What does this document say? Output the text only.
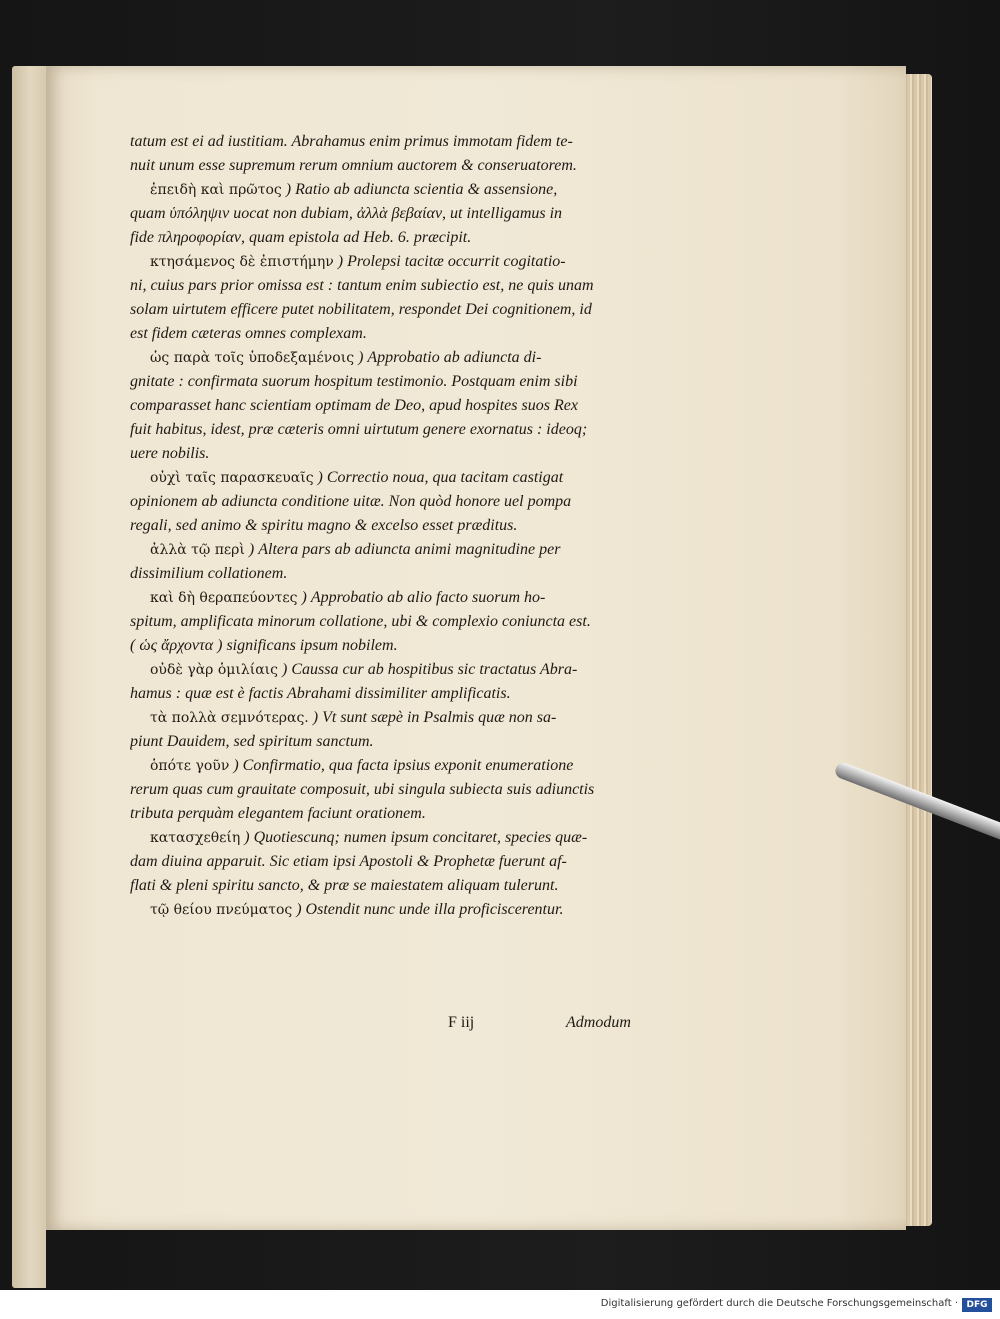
tatum est ei ad iustitiam. Abrahamus enim primus immotam fidem te-
nuit unum esse supremum rerum omnium auctorem & conseruatorem.
ἐπειδὴ καὶ πρῶτος ) Ratio ab adiuncta scientia & assensione,
quam ὑπόληψιν uocat non dubiam, ἀλλὰ βεβαίαν, ut intelligamus in
fide πληροφορίαν, quam epistola ad Heb. 6. præcipit.
κτησάμενος δὲ ἐπιστήμην ) Prolepsi tacitæ occurrit cogitatio-
ni, cuius pars prior omissa est : tantum enim subiectio est, ne quis unam
solam uirtutem efficere putet nobilitatem, respondet Dei cognitionem, id
est fidem cæteras omnes complexam.
ὡς παρὰ τοῖς ὑποδεξαμένοις ) Approbatio ab adiuncta di-
gnitate : confirmata suorum hospitum testimonio. Postquam enim sibi
comparasset hanc scientiam optimam de Deo, apud hospites suos Rex
fuit habitus, idest, præ cæteris omni uirtutum genere exornatus : ideoq;
uere nobilis.
οὐχὶ ταῖς παρασκευαῖς ) Correctio noua, qua tacitam castigat
opinionem ab adiuncta conditione uitæ. Non quòd honore uel pompa
regali, sed animo & spiritu magno & excelso esset præditus.
ἀλλὰ τῷ περὶ ) Altera pars ab adiuncta animi magnitudine per
dissimilium collationem.
καὶ δὴ θεραπεύοντες ) Approbatio ab alio facto suorum ho-
spitum, amplificata minorum collatione, ubi & complexio coniuncta est.
( ὡς ἄρχοντα ) significans ipsum nobilem.
οὐδὲ γὰρ ὁμιλίαις ) Caussa cur ab hospitibus sic tractatus Abra-
hamus : quæ est è factis Abrahami dissimiliter amplificatis.
τὰ πολλὰ σεμνότερας. ) Vt sunt sæpè in Psalmis quæ non sa-
piunt Dauidem, sed spiritum sanctum.
ὁπότε γοῦν ) Confirmatio, qua facta ipsius exponit enumeratione
rerum quas cum grauitate composuit, ubi singula subiecta suis adiunctis
tributa perquàm elegantem faciunt orationem.
κατασχεθείη ) Quotiescunq; numen ipsum concitaret, species quæ-
dam diuina apparuit. Sic etiam ipsi Apostoli & Prophetæ fuerunt af-
flati & pleni spiritu sancto, & præ se maiestatem aliquam tulerunt.
τῷ θείου πνεύματος ) Ostendit nunc unde illa proficiscerentur.
F iij	Admodum
Digitalisierung gefördert durch die Deutsche Forschungsgemeinschaft · DFG
